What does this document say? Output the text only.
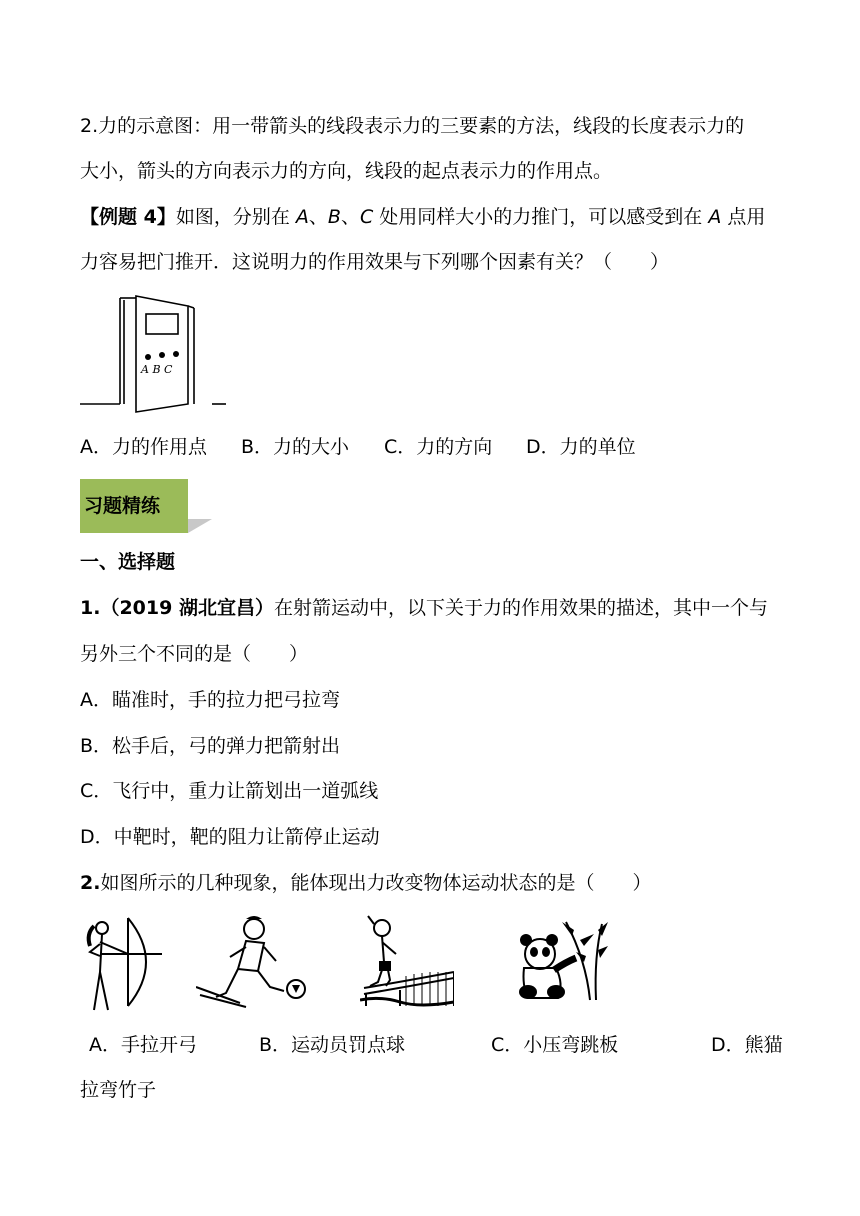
2.力的示意图：用一带箭头的线段表示力的三要素的方法，线段的长度表示力的
大小，箭头的方向表示力的方向，线段的起点表示力的作用点。
【例题 4】如图，分别在 A、B、C 处用同样大小的力推门，可以感受到在 A 点用
力容易把门推开．这说明力的作用效果与下列哪个因素有关？（　　）
A B C
A．力的作用点 B．力的大小 C．力的方向 D．力的单位
习题精练
一、选择题
1.（2019 湖北宜昌）在射箭运动中，以下关于力的作用效果的描述，其中一个与
另外三个不同的是（　　）
A．瞄准时，手的拉力把弓拉弯
B．松手后，弓的弹力把箭射出
C．飞行中，重力让箭划出一道弧线
D．中靶时，靶的阻力让箭停止运动
2.如图所示的几种现象，能体现出力改变物体运动状态的是（　　）
A．手拉开弓	B．运动员罚点球	C．小压弯跳板	D．熊猫
拉弯竹子
